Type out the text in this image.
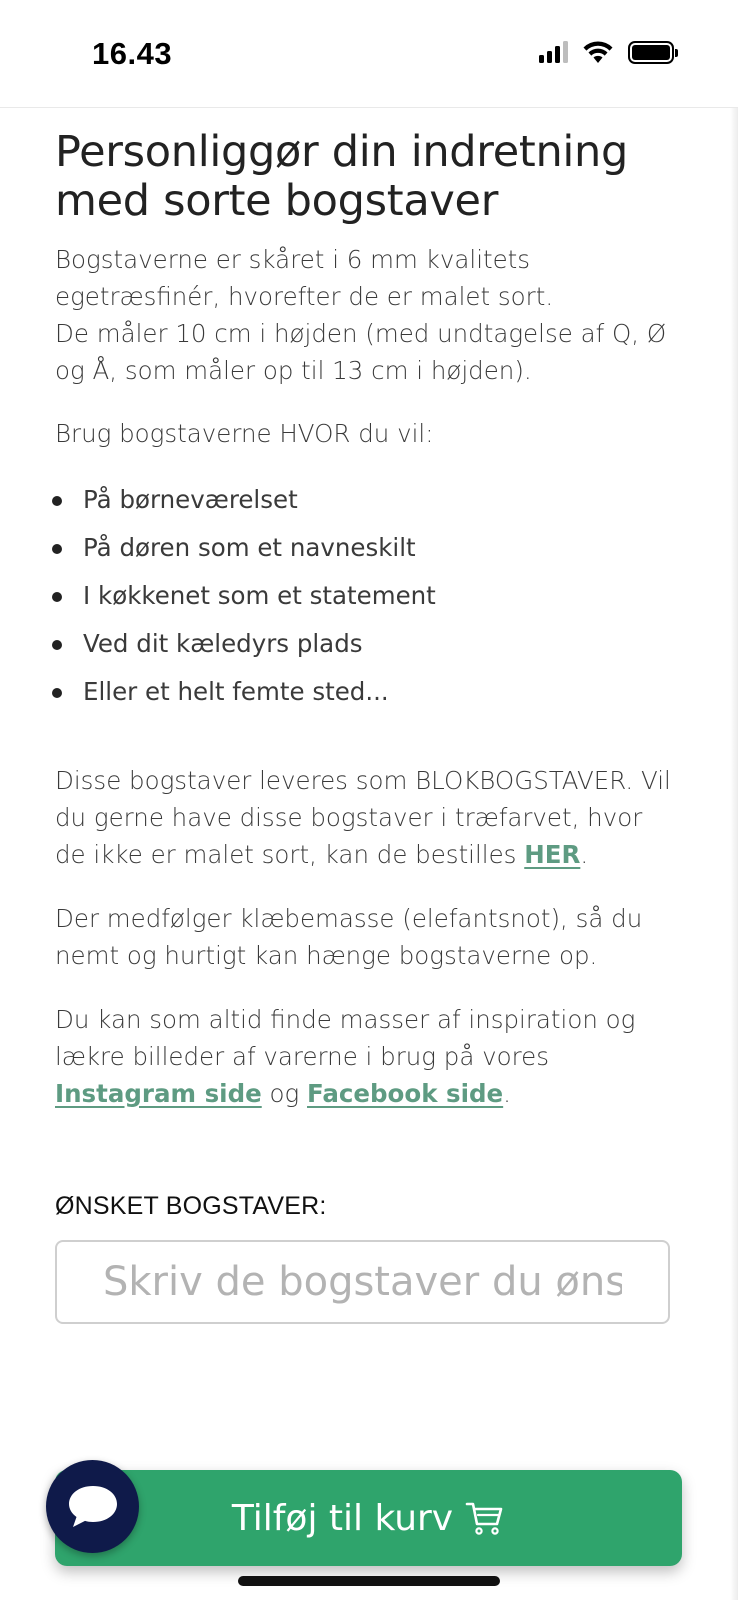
16.43
Personliggør din indretning med sorte bogstaver

Bogstaverne er skåret i 6 mm kvalitets egetræsfinér, hvorefter de er malet sort.
De måler 10 cm i højden (med undtagelse af Q, Ø og Å, som måler op til 13 cm i højden).

Brug bogstaverne HVOR du vil:

På børneværelset
På døren som et navneskilt
I køkkenet som et statement
Ved dit kæledyrs plads
Eller et helt femte sted...

Disse bogstaver leveres som BLOKBOGSTAVER. Vil du gerne have disse bogstaver i træfarvet, hvor de ikke er malet sort, kan de bestilles HER.

Der medfølger klæbemasse (elefantsnot), så du nemt og hurtigt kan hænge bogstaverne op.

Du kan som altid finde masser af inspiration og lækre billeder af varerne i brug på vores Instagram side og Facebook side.

ØNSKET BOGSTAVER:
Skriv de bogstaver du ønsker
Tilføj til kurv
